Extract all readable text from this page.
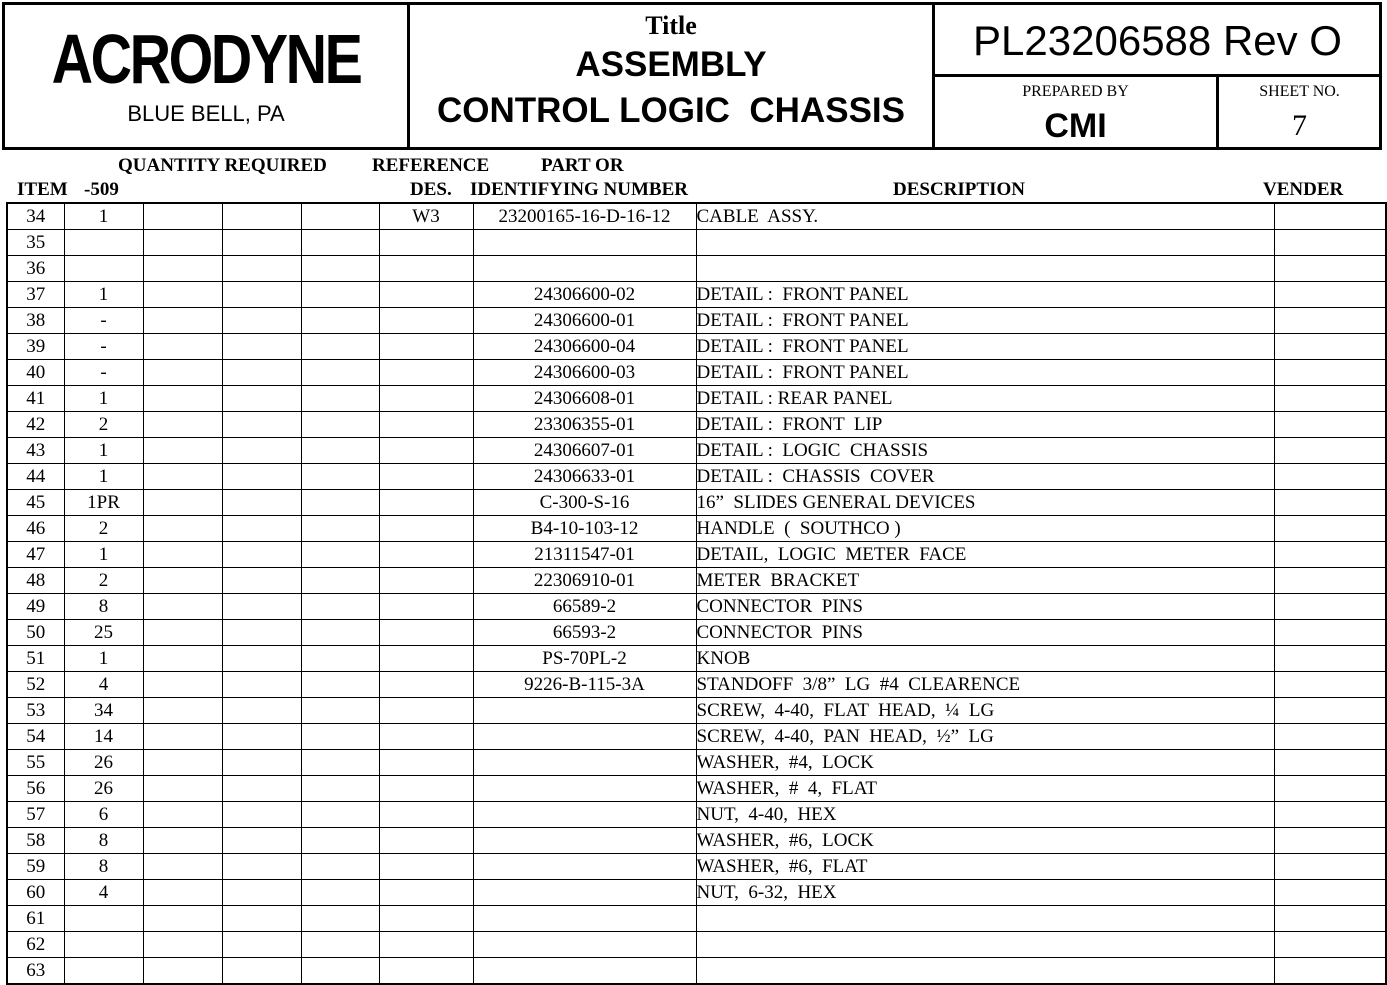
ACRODYNE
BLUE BELL, PA
Title
ASSEMBLY
CONTROL LOGIC  CHASSIS
PL23206588 Rev O
PREPARED BY
CMI
SHEET NO.
7
QUANTITY REQUIRED REFERENCE	PART OR
ITEM -509	DES. IDENTIFYING NUMBER	DESCRIPTION	VENDER
34	1				W3	23200165-16-D-16-12	CABLE  ASSY.	
35								
36								
37	1					24306600-02	DETAIL :  FRONT PANEL	
38	-					24306600-01	DETAIL :  FRONT PANEL	
39	-					24306600-04	DETAIL :  FRONT PANEL	
40	-					24306600-03	DETAIL :  FRONT PANEL	
41	1					24306608-01	DETAIL : REAR PANEL	
42	2					23306355-01	DETAIL :  FRONT  LIP	
43	1					24306607-01	DETAIL :  LOGIC  CHASSIS	
44	1					24306633-01	DETAIL :  CHASSIS  COVER	
45	1PR					C-300-S-16	16”  SLIDES GENERAL DEVICES	
46	2					B4-10-103-12	HANDLE  (  SOUTHCO )	
47	1					21311547-01	DETAIL,  LOGIC  METER  FACE	
48	2					22306910-01	METER  BRACKET	
49	8					66589-2	CONNECTOR  PINS	
50	25					66593-2	CONNECTOR  PINS	
51	1					PS-70PL-2	KNOB	
52	4					9226-B-115-3A	STANDOFF  3/8”  LG  #4  CLEARENCE	
53	34						SCREW,  4-40,  FLAT  HEAD,  ¼  LG	
54	14						SCREW,  4-40,  PAN  HEAD,  ½”  LG	
55	26						WASHER,  #4,  LOCK	
56	26						WASHER,  #  4,  FLAT	
57	6						NUT,  4-40,  HEX	
58	8						WASHER,  #6,  LOCK	
59	8						WASHER,  #6,  FLAT	
60	4						NUT,  6-32,  HEX	
61								
62								
63								
